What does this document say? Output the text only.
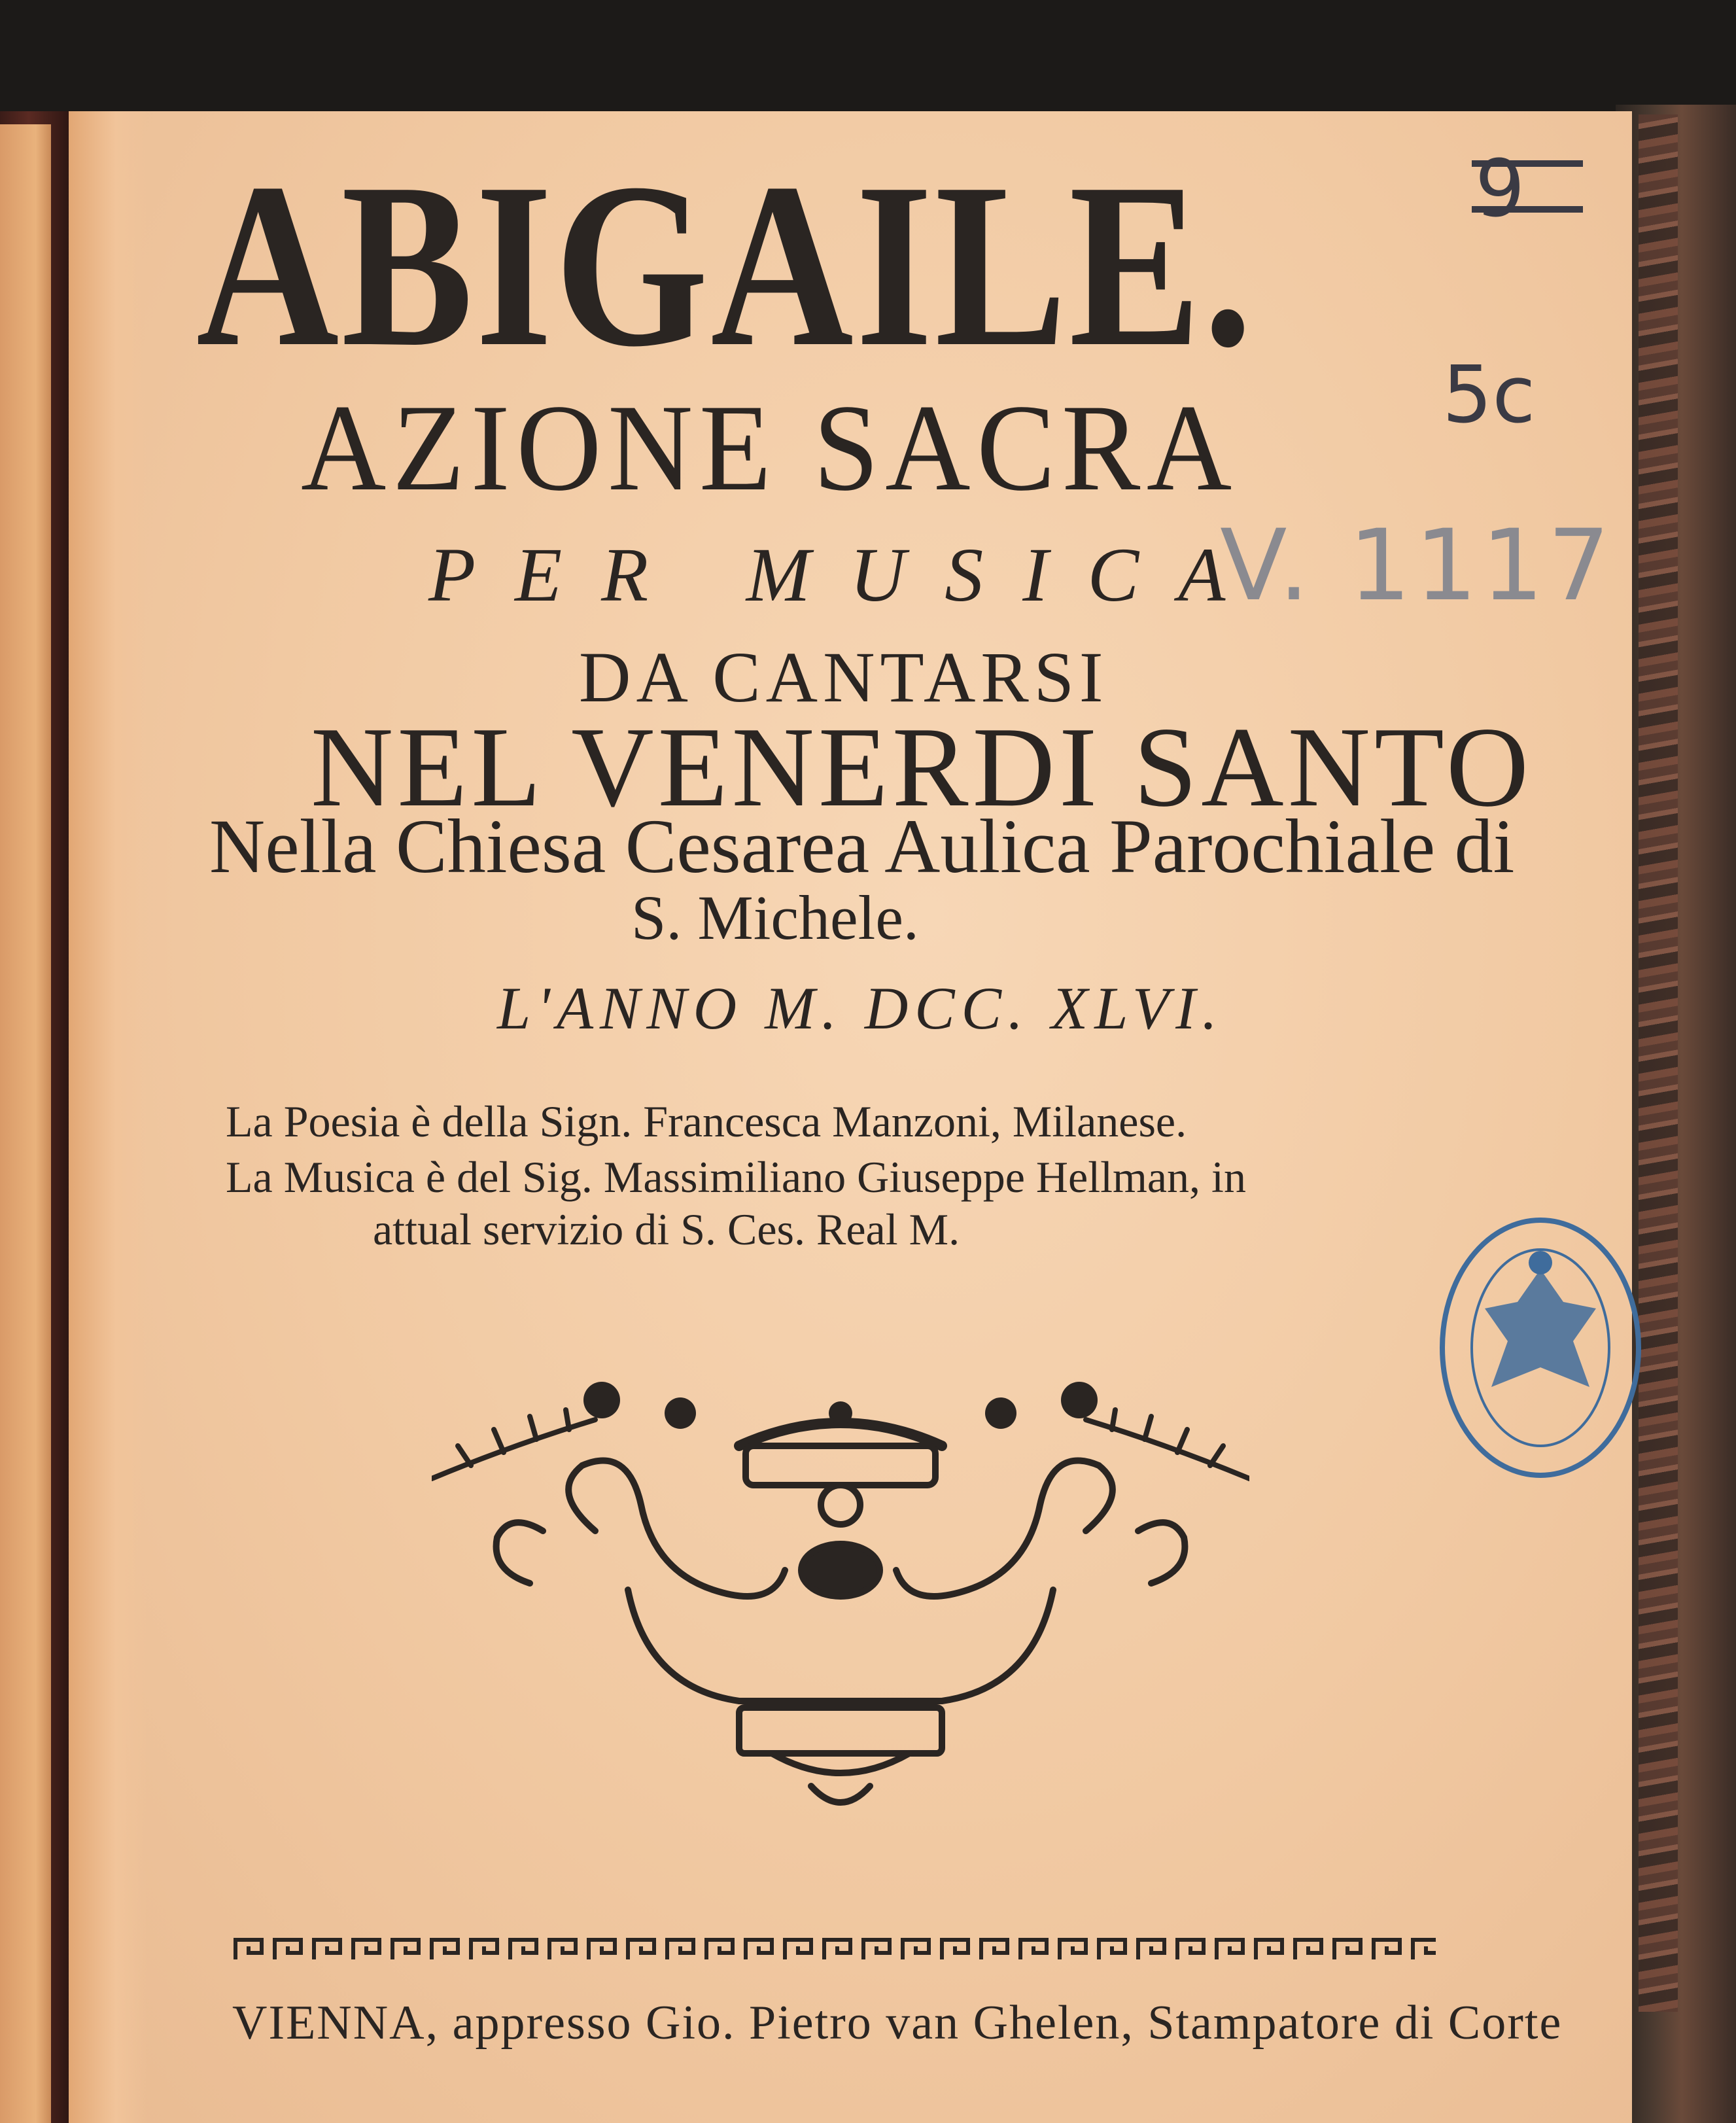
ABIGAILE.
AZIONE SACRA
PER MUSICA
DA CANTARSI
NEL VENERDI SANTO
Nella Chiesa Cesarea Aulica Parochiale di
S. Michele.
L'ANNO M. DCC. XLVI.
La Poesia è della Sign. Francesca Manzoni, Milanese.
La Musica è del Sig. Massimiliano Giuseppe Hellman, in
attual servizio di S. Ces. Real M.
VIENNA, appresso Gio. Pietro van Ghelen, Stampatore di Corte
9
5c
V. 1117
